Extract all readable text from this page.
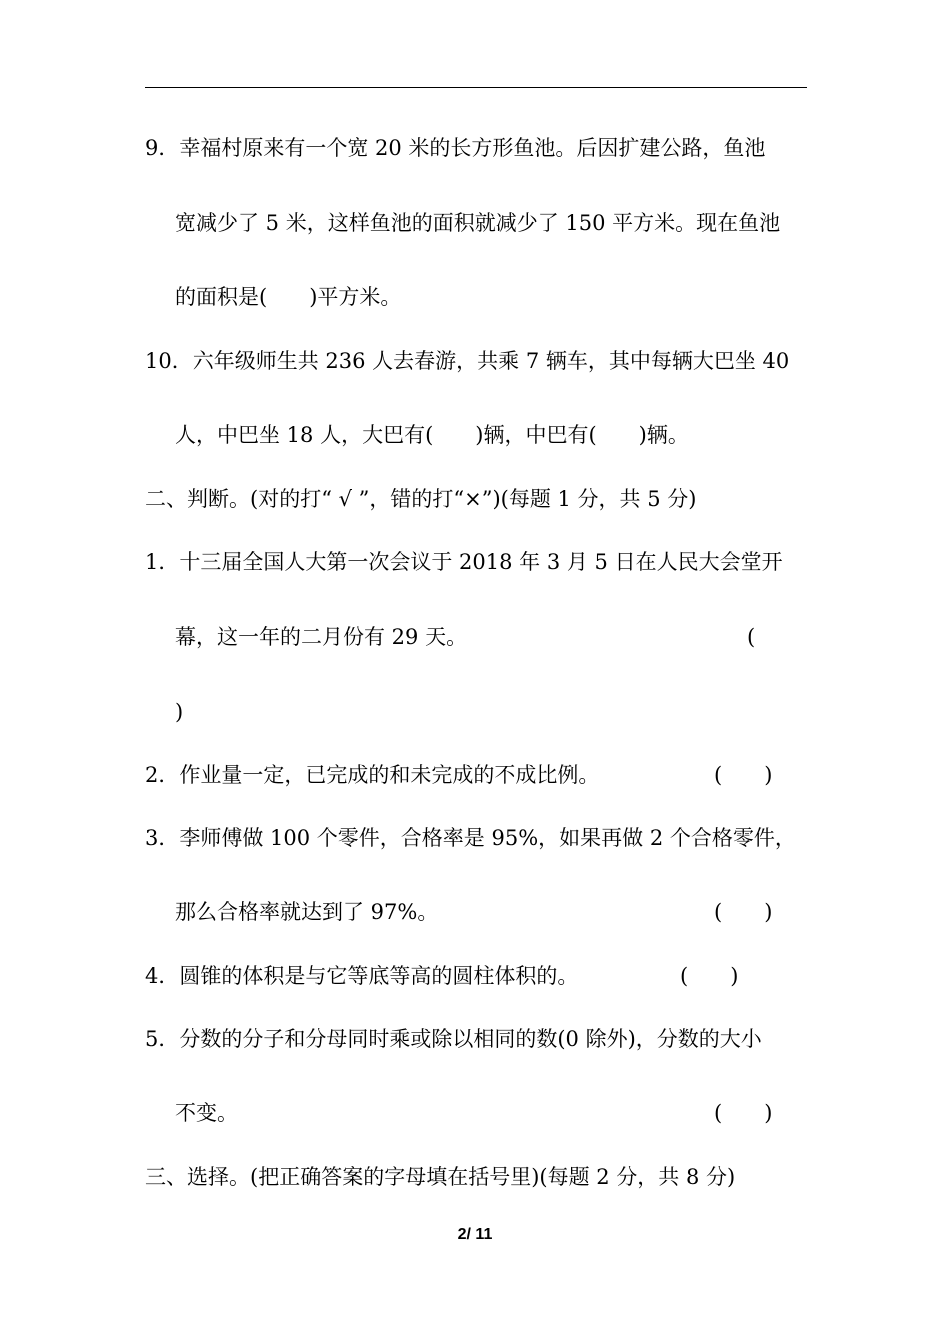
9．幸福村原来有一个宽 20 米的长方形鱼池。后因扩建公路，鱼池
宽减少了 5 米，这样鱼池的面积就减少了 150 平方米。现在鱼池
的面积是(　　)平方米。
10．六年级师生共 236 人去春游，共乘 7 辆车，其中每辆大巴坐 40
人，中巴坐 18 人，大巴有(　　)辆，中巴有(　　)辆。
二、判断。(对的打“ √ ”，错的打“×”)(每题 1 分，共 5 分)
1．十三届全国人大第一次会议于 2018 年 3 月 5 日在人民大会堂开
幕，这一年的二月份有 29 天。	(
)
2．作业量一定，已完成的和未完成的不成比例。	(　　)
3．李师傅做 100 个零件，合格率是 95%，如果再做 2 个合格零件，
那么合格率就达到了 97%。	(　　)
4．圆锥的体积是与它等底等高的圆柱体积的。	(　　)
5．分数的分子和分母同时乘或除以相同的数(0 除外)，分数的大小
不变。	(　　)
三、选择。(把正确答案的字母填在括号里)(每题 2 分，共 8 分)
2/ 11
